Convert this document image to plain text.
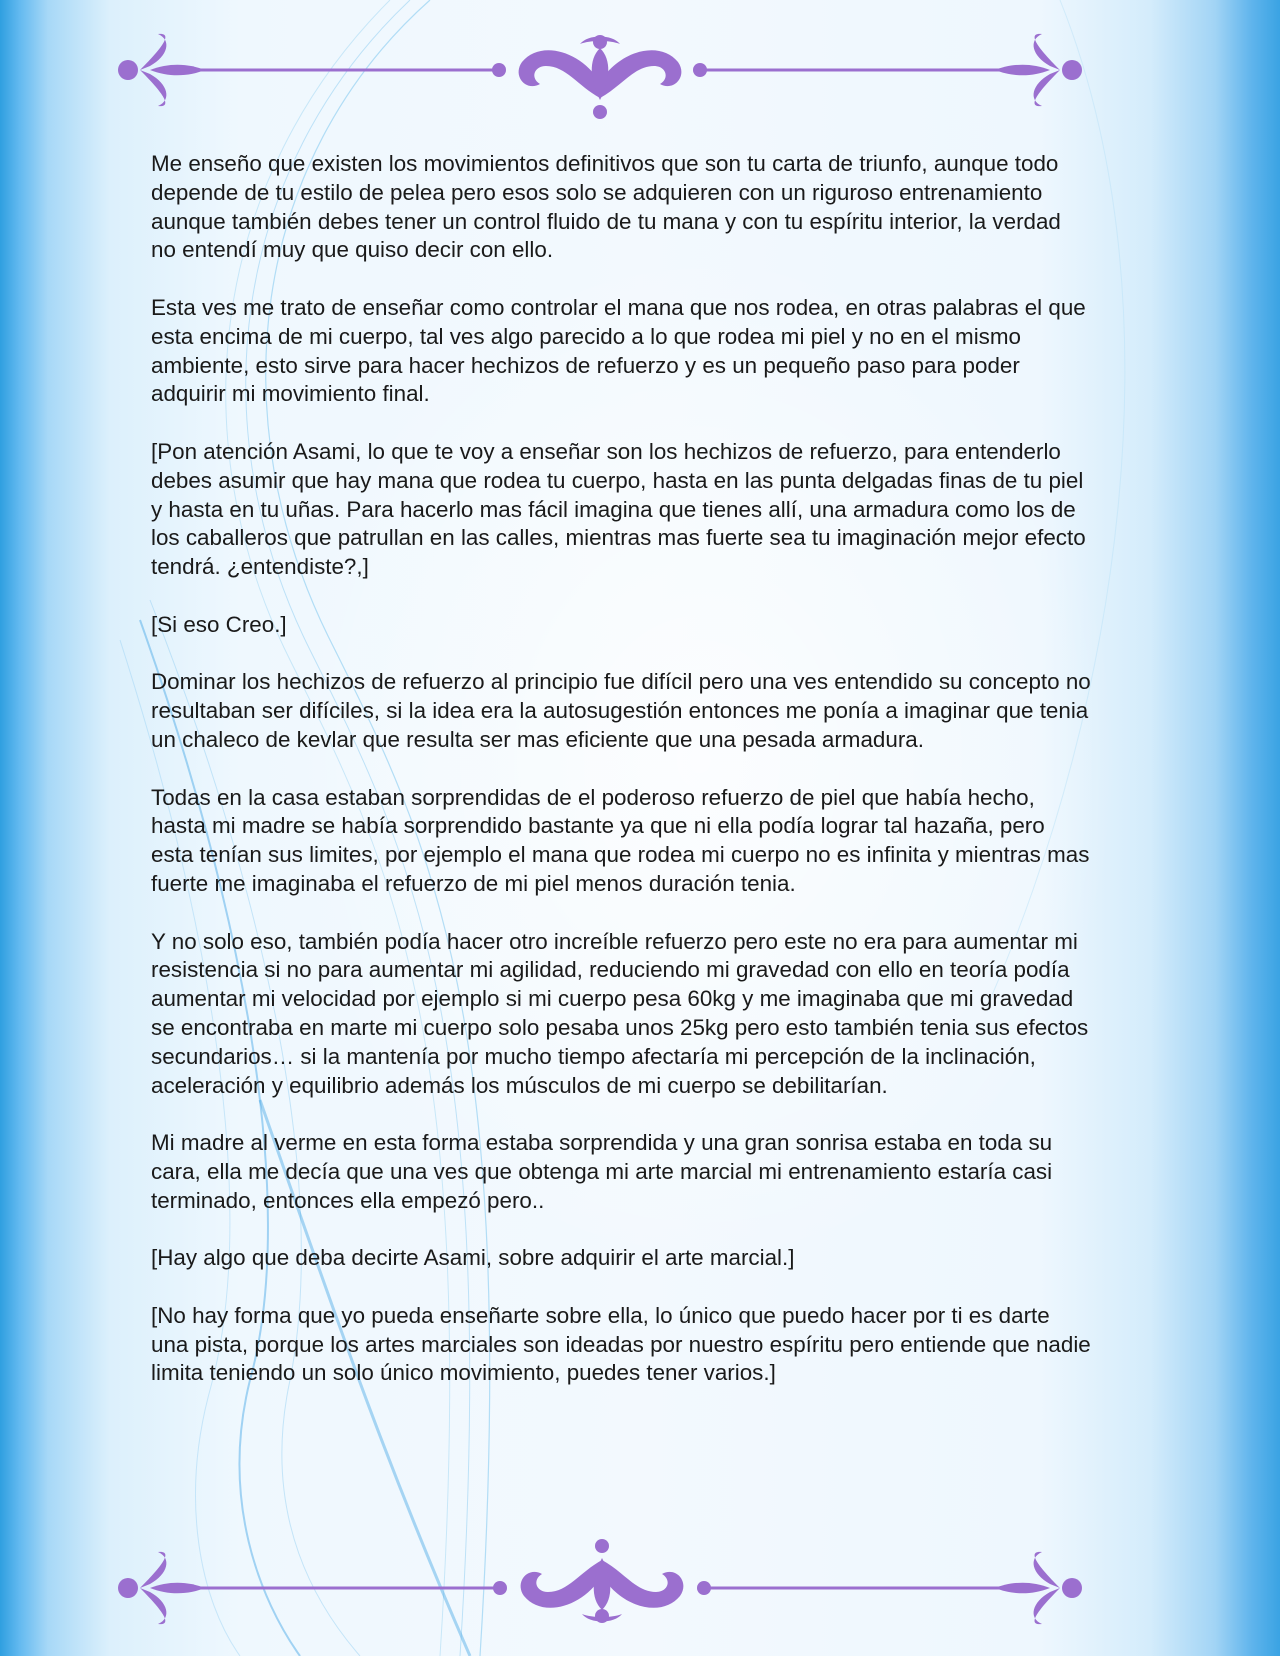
Me enseño que existen los movimientos definitivos que son tu carta de triunfo, aunque todo depende de tu estilo de pelea pero esos solo se adquieren con un riguroso entrenamiento aunque también debes tener un control fluido de tu mana y con tu espíritu interior, la verdad no entendí muy que quiso decir con ello.

Esta ves me trato de enseñar como controlar el mana que nos rodea, en otras palabras el que esta encima de mi cuerpo, tal ves algo parecido a lo que rodea mi piel y no en el mismo ambiente, esto sirve para hacer hechizos de refuerzo y es un pequeño paso para poder adquirir mi movimiento final.

[Pon atención Asami, lo que te voy a enseñar son los hechizos de refuerzo, para entenderlo debes asumir que hay mana que rodea tu cuerpo, hasta en las punta delgadas finas de tu piel y hasta en tu uñas. Para hacerlo mas fácil imagina que tienes allí, una armadura como los de los caballeros que patrullan en las calles, mientras mas fuerte sea tu imaginación mejor efecto tendrá. ¿entendiste?,]

[Si eso Creo.]

Dominar los hechizos de refuerzo al principio fue difícil pero una ves entendido su concepto no resultaban ser difíciles, si la idea era la autosugestión entonces me ponía a imaginar que tenia un chaleco de kevlar que resulta ser mas eficiente que una pesada armadura.

Todas en la casa estaban sorprendidas de el poderoso refuerzo de piel que había hecho, hasta mi madre se había sorprendido bastante ya que ni ella podía lograr tal hazaña, pero esta tenían sus limites, por ejemplo el mana que rodea mi cuerpo no es infinita y mientras mas fuerte me imaginaba el refuerzo de mi piel menos duración tenia.

Y no solo eso, también podía hacer otro increíble refuerzo pero este no era para aumentar mi resistencia si no para aumentar mi agilidad, reduciendo mi gravedad con ello en teoría podía aumentar mi velocidad por ejemplo si mi cuerpo pesa 60kg y me imaginaba que mi gravedad se encontraba en marte mi cuerpo solo pesaba unos 25kg pero esto también tenia sus efectos secundarios… si la mantenía por mucho tiempo afectaría mi percepción de la inclinación, aceleración y equilibrio además los músculos de mi cuerpo se debilitarían.

Mi madre al verme en esta forma estaba sorprendida y una gran sonrisa estaba en toda su cara, ella me decía que una ves que obtenga mi arte marcial mi entrenamiento estaría casi terminado, entonces ella empezó pero..

[Hay algo que deba decirte Asami, sobre adquirir el arte marcial.]

[No hay forma que yo pueda enseñarte sobre ella, lo único que puedo hacer por ti es darte una pista, porque los artes marciales son ideadas por nuestro espíritu pero entiende que nadie limita teniendo un solo único movimiento, puedes tener varios.]
